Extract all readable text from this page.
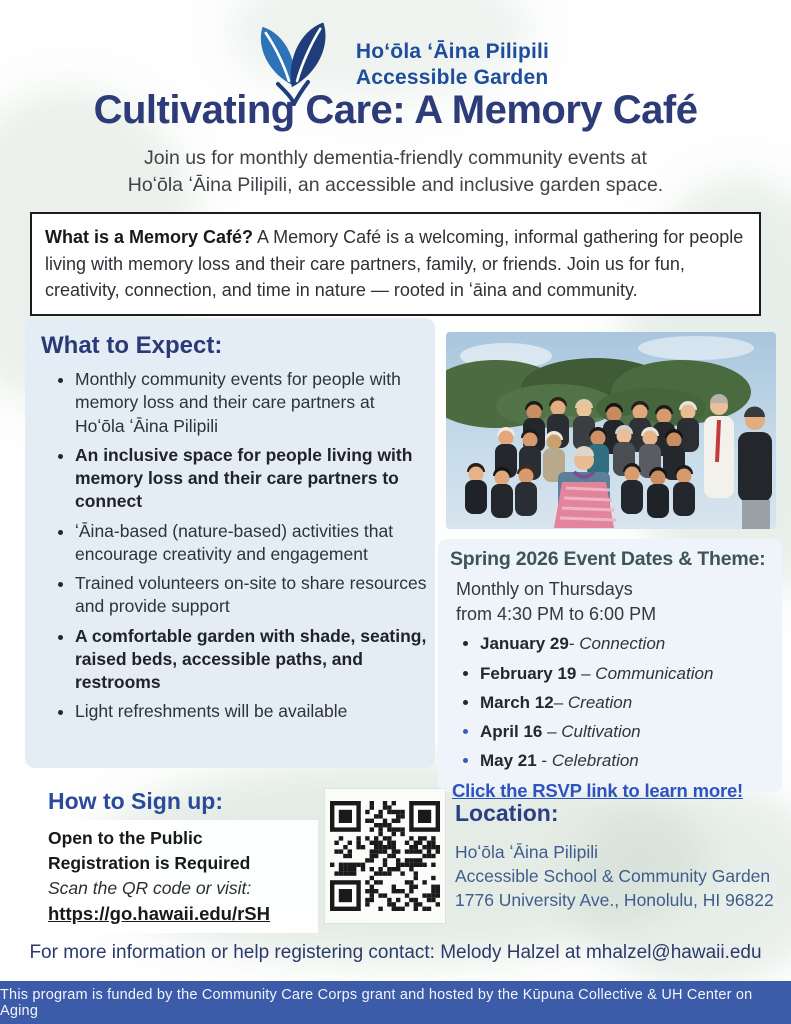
Hoʻōla ʻĀina Pilipili
Accessible Garden
Cultivating Care: A Memory Café
Join us for monthly dementia-friendly community events at
Hoʻōla ʻĀina Pilipili, an accessible and inclusive garden space.
What is a Memory Café? A Memory Café is a welcoming, informal gathering for people living with memory loss and their care partners, family, or friends. Join us for fun, creativity, connection, and time in nature — rooted in ʻāina and community.
What to Expect:
• Monthly community events for people with memory loss and their care partners at Hoʻōla ʻĀina Pilipili
• An inclusive space for people living with memory loss and their care partners to connect
• ʻĀina-based (nature-based) activities that encourage creativity and engagement
• Trained volunteers on-site to share resources and provide support
• A comfortable garden with shade, seating, raised beds, accessible paths, and restrooms
• Light refreshments will be available
Spring 2026 Event Dates & Theme:
Monthly on Thursdays
from 4:30 PM to 6:00 PM
• January 29- Connection
• February 19 – Communication
• March 12– Creation
• April 16 – Cultivation
• May 21 - Celebration
Click the RSVP link to learn more!
How to Sign up:
Open to the Public
Registration is Required
Scan the QR code or visit:
https://go.hawaii.edu/rSH
Location:
Hoʻōla ʻĀina Pilipili
Accessible School & Community Garden
1776 University Ave., Honolulu, HI 96822
For more information or help registering contact: Melody Halzel at mhalzel@hawaii.edu
This program is funded by the Community Care Corps grant and hosted by the Kūpuna Collective & UH Center on Aging
